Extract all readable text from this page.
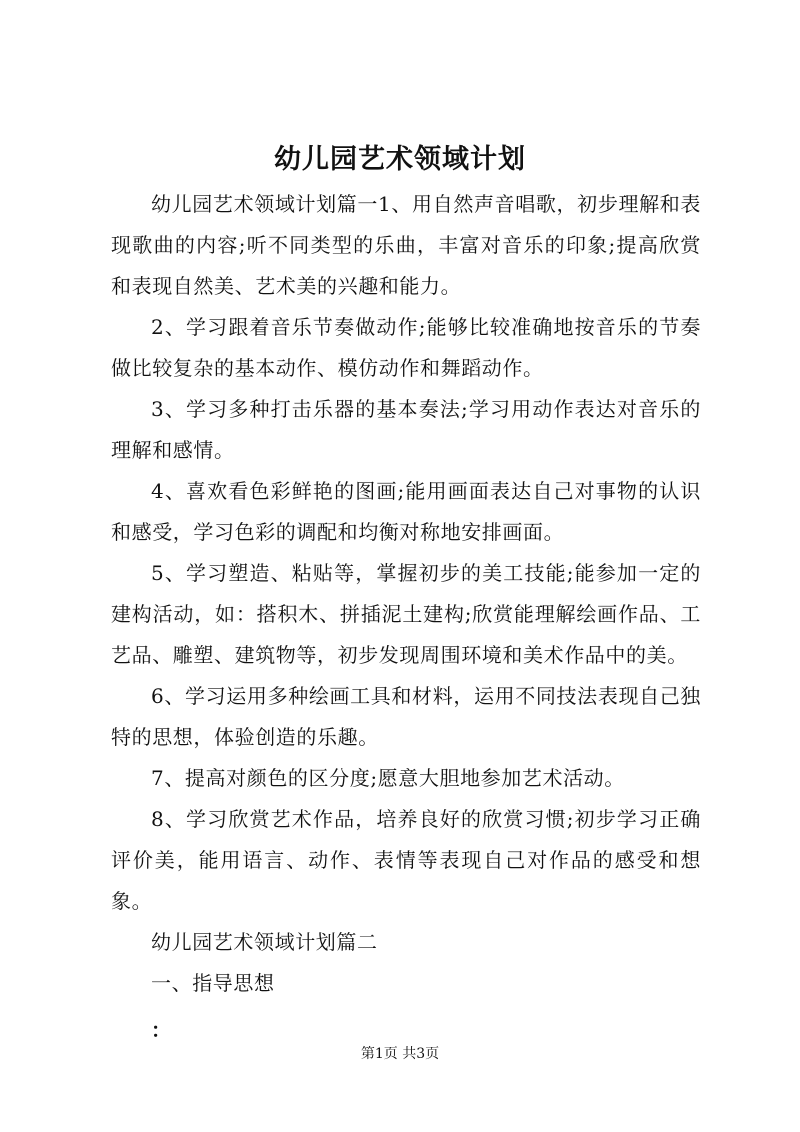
幼儿园艺术领域计划

幼儿园艺术领域计划篇一1、用自然声音唱歌，初步理解和表现歌曲的内容;听不同类型的乐曲，丰富对音乐的印象;提高欣赏和表现自然美、艺术美的兴趣和能力。

2、学习跟着音乐节奏做动作;能够比较准确地按音乐的节奏做比较复杂的基本动作、模仿动作和舞蹈动作。

3、学习多种打击乐器的基本奏法;学习用动作表达对音乐的理解和感情。

4、喜欢看色彩鲜艳的图画;能用画面表达自己对事物的认识和感受，学习色彩的调配和均衡对称地安排画面。

5、学习塑造、粘贴等，掌握初步的美工技能;能参加一定的建构活动，如：搭积木、拼插泥土建构;欣赏能理解绘画作品、工艺品、雕塑、建筑物等，初步发现周围环境和美术作品中的美。

6、学习运用多种绘画工具和材料，运用不同技法表现自己独特的思想，体验创造的乐趣。

7、提高对颜色的区分度;愿意大胆地参加艺术活动。

8、学习欣赏艺术作品，培养良好的欣赏习惯;初步学习正确评价美，能用语言、动作、表情等表现自己对作品的感受和想象。

幼儿园艺术领域计划篇二

一、指导思想

：

第1页 共3页
